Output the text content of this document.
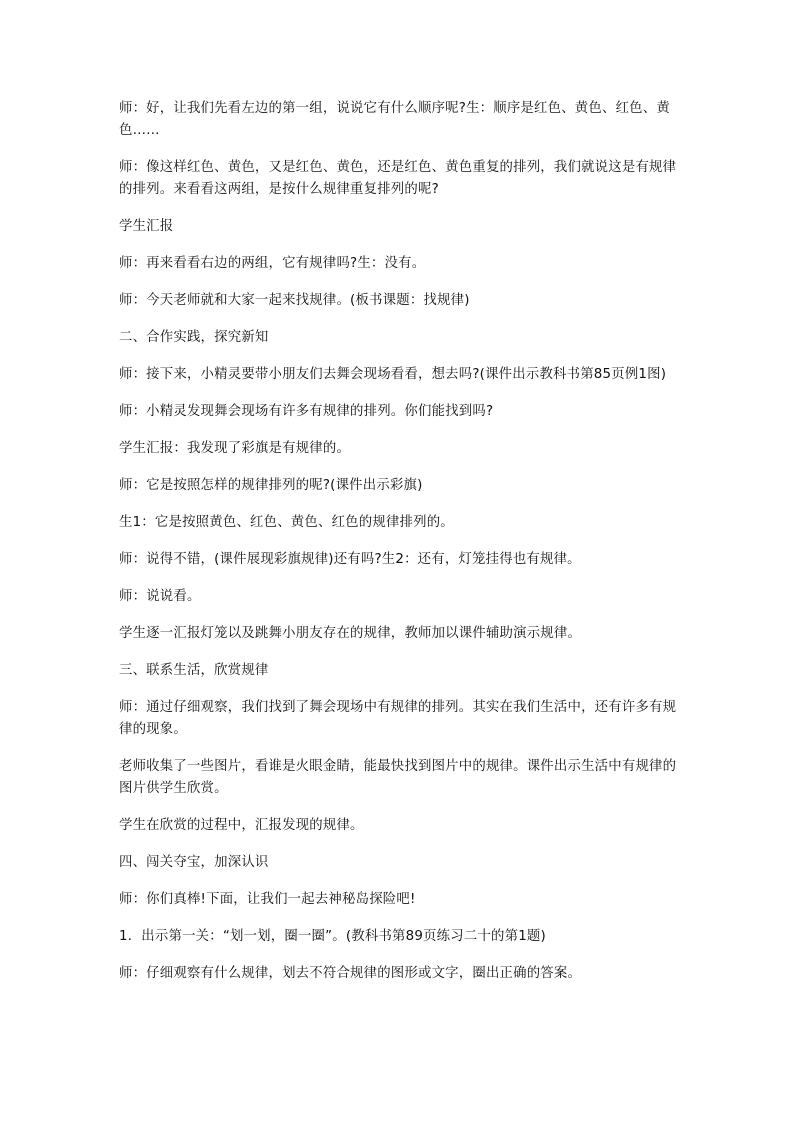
师：好，让我们先看左边的第一组，说说它有什么顺序呢?生：顺序是红色、黄色、红色、黄色……

师：像这样红色、黄色，又是红色、黄色，还是红色、黄色重复的排列，我们就说这是有规律的排列。来看看这两组，是按什么规律重复排列的呢?

学生汇报

师：再来看看右边的两组，它有规律吗?生：没有。

师：今天老师就和大家一起来找规律。(板书课题：找规律)

二、合作实践，探究新知

师：接下来，小精灵要带小朋友们去舞会现场看看，想去吗?(课件出示教科书第85页例1图)

师：小精灵发现舞会现场有许多有规律的排列。你们能找到吗?

学生汇报：我发现了彩旗是有规律的。

师：它是按照怎样的规律排列的呢?(课件出示彩旗)

生1：它是按照黄色、红色、黄色、红色的规律排列的。

师：说得不错，(课件展现彩旗规律)还有吗?生2：还有，灯笼挂得也有规律。

师：说说看。

学生逐一汇报灯笼以及跳舞小朋友存在的规律，教师加以课件辅助演示规律。

三、联系生活，欣赏规律

师：通过仔细观察，我们找到了舞会现场中有规律的排列。其实在我们生活中，还有许多有规律的现象。

老师收集了一些图片，看谁是火眼金睛，能最快找到图片中的规律。课件出示生活中有规律的图片供学生欣赏。

学生在欣赏的过程中，汇报发现的规律。

四、闯关夺宝，加深认识

师：你们真棒!下面，让我们一起去神秘岛探险吧!

1．出示第一关：“划一划，圈一圈”。(教科书第89页练习二十的第1题)

师：仔细观察有什么规律，划去不符合规律的图形或文字，圈出正确的答案。
